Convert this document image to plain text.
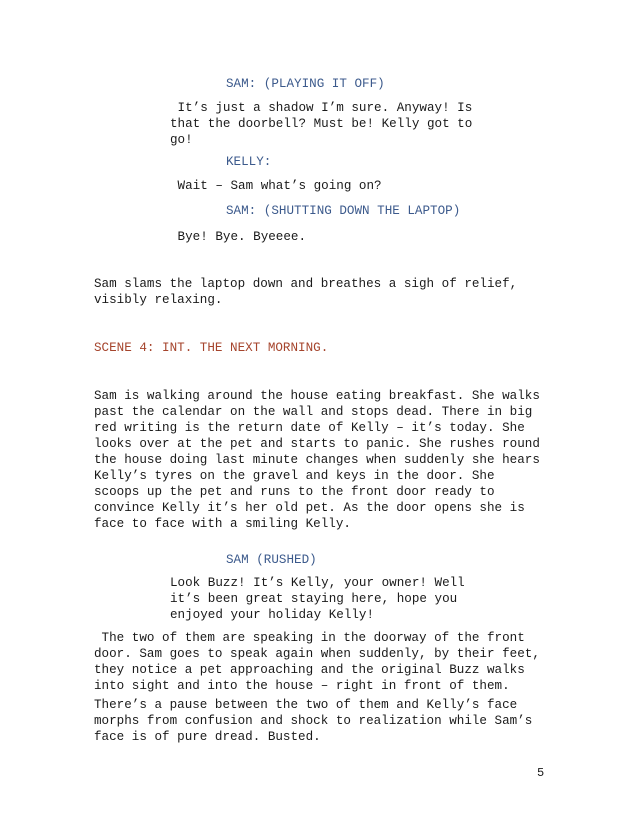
SAM: (PLAYING IT OFF)
It’s just a shadow I’m sure. Anyway! Is
that the doorbell? Must be! Kelly got to
go!
KELLY:
Wait – Sam what’s going on?
SAM: (SHUTTING DOWN THE LAPTOP)
Bye! Bye. Byeeee.
Sam slams the laptop down and breathes a sigh of relief,
visibly relaxing.
SCENE 4: INT. THE NEXT MORNING.
Sam is walking around the house eating breakfast. She walks
past the calendar on the wall and stops dead. There in big
red writing is the return date of Kelly – it’s today. She
looks over at the pet and starts to panic. She rushes round
the house doing last minute changes when suddenly she hears
Kelly’s tyres on the gravel and keys in the door. She
scoops up the pet and runs to the front door ready to
convince Kelly it’s her old pet. As the door opens she is
face to face with a smiling Kelly.
SAM (RUSHED)
Look Buzz! It’s Kelly, your owner! Well
it’s been great staying here, hope you
enjoyed your holiday Kelly!
The two of them are speaking in the doorway of the front
door. Sam goes to speak again when suddenly, by their feet,
they notice a pet approaching and the original Buzz walks
into sight and into the house – right in front of them.
There’s a pause between the two of them and Kelly’s face
morphs from confusion and shock to realization while Sam’s
face is of pure dread. Busted.
5
